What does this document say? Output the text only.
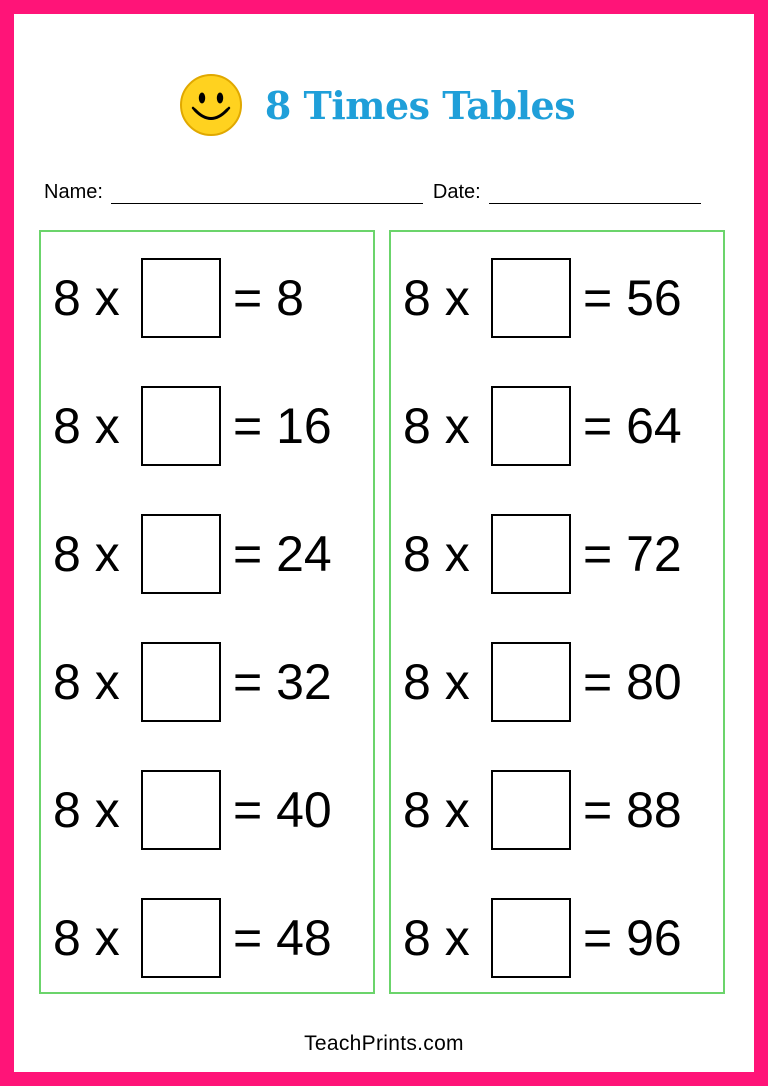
8 Times Tables
Name:	Date:
8 x	= 8
8 x	= 16
8 x	= 24
8 x	= 32
8 x	= 40
8 x	= 48
8 x	= 56
8 x	= 64
8 x	= 72
8 x	= 80
8 x	= 88
8 x	= 96
TeachPrints.com
